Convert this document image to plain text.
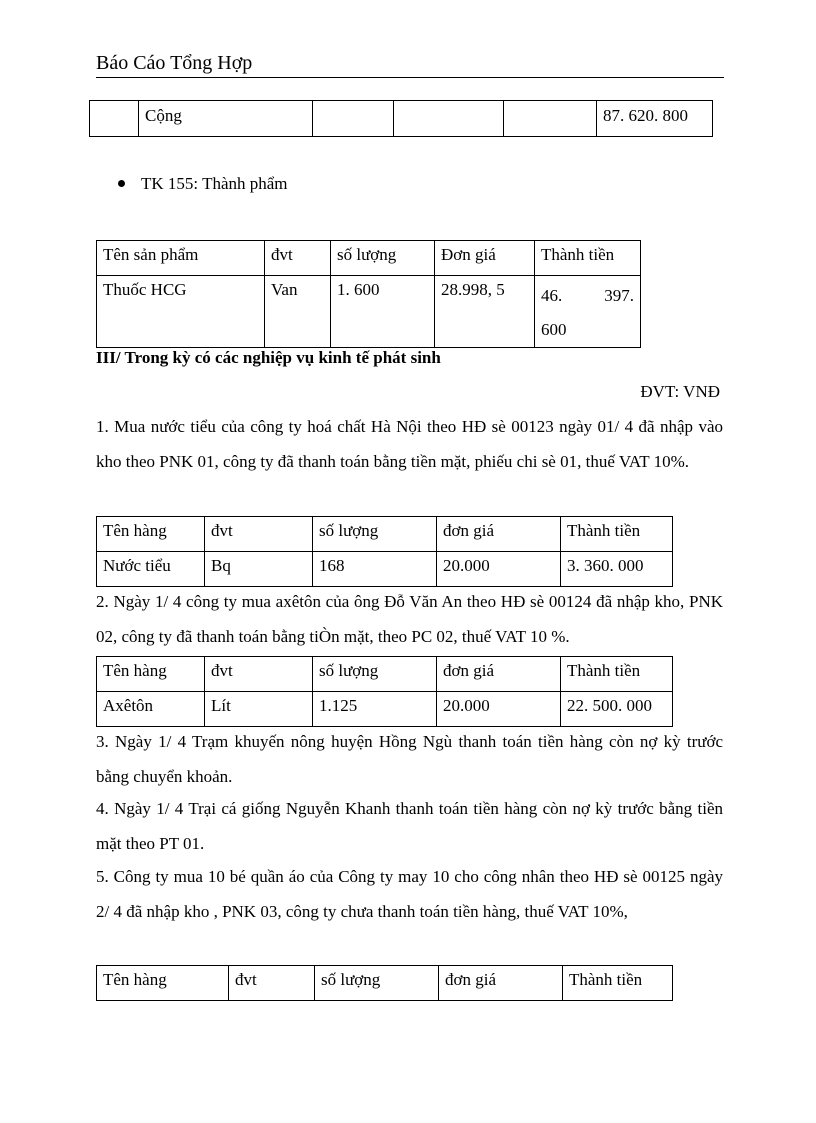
Báo Cáo Tổng Hợp
	Cộng				87. 620. 800
TK 155: Thành phẩm
Tên sản phẩm	đvt	số lượng	Đơn giá	Thành tiền
Thuốc HCG	Van	1. 600	28.998, 5	46. 397.
600
III/ Trong kỳ có các nghiệp vụ kinh tế phát sinh
ĐVT: VNĐ
1. Mua nước tiểu của công ty hoá chất Hà Nội theo HĐ sè 00123 ngày 01/ 4 đã nhập vào kho theo PNK 01, công ty đã thanh toán bằng tiền mặt, phiếu chi sè 01, thuế VAT 10%.
Tên hàng	đvt	số lượng	đơn giá	Thành tiền
Nước tiểu	Bq	168	20.000	3. 360. 000
2. Ngày 1/ 4 công ty mua axêtôn của ông Đỗ Văn An theo HĐ sè 00124 đã nhập kho, PNK 02, công ty đã thanh toán bằng tiÒn mặt, theo PC 02, thuế VAT 10 %.
Tên hàng	đvt	số lượng	đơn giá	Thành tiền
Axêtôn	Lít	1.125	20.000	22. 500. 000
3. Ngày 1/ 4 Trạm khuyến nông huyện Hồng Ngù thanh toán tiền hàng còn nợ kỳ trước bằng chuyển khoản.
4. Ngày 1/ 4 Trại cá giống Nguyễn Khanh thanh toán tiền hàng còn nợ kỳ trước bằng tiền mặt theo PT 01.
5. Công ty mua 10 bé quần áo của Công ty may 10 cho công nhân theo HĐ sè 00125 ngày 2/ 4 đã nhập kho , PNK 03, công ty chưa thanh toán tiền hàng, thuế VAT 10%,
Tên hàng	đvt	số lượng	đơn giá	Thành tiền
